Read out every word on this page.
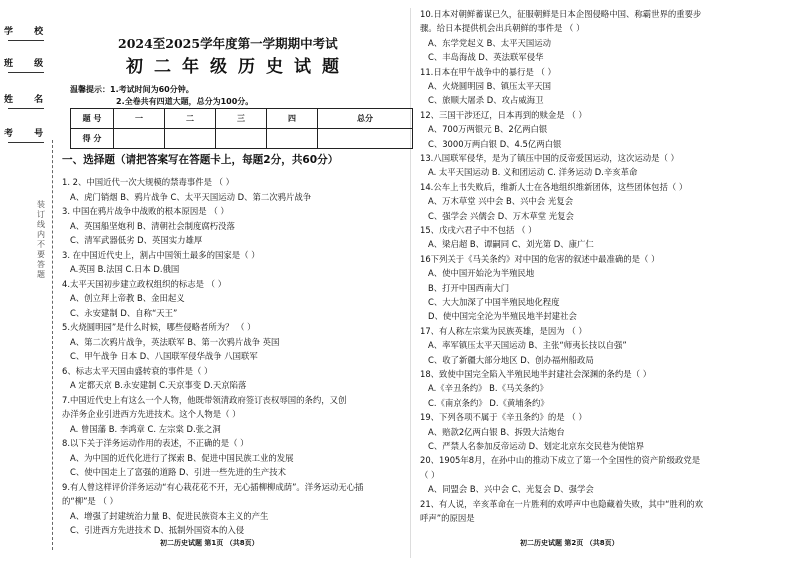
学 校
班 级
姓 名
考 号
装订线内不要答题
2024至2025学年度第一学期期中考试
初二年级历史试题
温馨提示：1.考试时间为60分钟。
2.全卷共有四道大题，总分为100分。
题 号	一	二	三	四	总分
得 分					
一、选择题（请把答案写在答题卡上，每题2分，共60分）
1. 2、中国近代一次大规模的禁毒事件是 （ ）
A、虎门销烟 B、鸦片战争 C、太平天国运动 D、第二次鸦片战争
3. 中国在鸦片战争中战败的根本原因是 （ ）
A、英国船坚炮利 B、清朝社会制度腐朽没落
C、清军武器低劣 D、英国实力雄厚
3. 在中国近代史上，割占中国领土最多的国家是（ ）
A.英国 B.法国 C.日本 D.俄国
4.太平天国初步建立政权组织的标志是 （ ）
A、创立拜上帝教 B、金田起义
C、永安建制 D、自称“天王”
5.火烧圆明园”是什么时候，哪些侵略者所为？ （ ）
A、第二次鸦片战争，英法联军 B、第一次鸦片战争 英国
C、甲午战争 日本 D、八国联军侵华战争 八国联军
6、标志太平天国由盛转衰的事件是（ ）
A 定都天京 B.永安建制 C.天京事变 D.天京陷落
7.中国近代史上有这么一个人物，他既带领清政府签订丧权辱国的条约，又创
办洋务企业引进西方先进技术。这个人物是（ ）
A. 曾国藩 B. 李鸿章 C. 左宗棠 D.张之洞
8.以下关于洋务运动作用的表述，不正确的是（ ）
A、为中国的近代化进行了探索 B、促进中国民族工业的发展
C、使中国走上了富强的道路 D、引进一些先进的生产技术
9.有人曾这样评价洋务运动“有心栽花花不开，无心插柳柳成荫”。洋务运动无心插
的“柳”是 （ ）
A、增强了封建统治力量 B、促进民族资本主义的产生
C、引进西方先进技术 D、抵制外国资本的入侵
10.日本对朝鲜蓄谋已久，征服朝鲜是日本企图侵略中国、称霸世界的重要步
骤。给日本提供机会出兵朝鲜的事件是 （ ）
A、东学党起义 B、太平天国运动
C、丰岛海战 D、英法联军侵华
11.日本在甲午战争中的暴行是 （ ）
A、火烧圆明园 B、镇压太平天国
C、旅顺大屠杀 D、攻占威海卫
12、三国干涉还辽，日本再到的赎金是 （ ）
A、700万两银元 B、2亿两白银
C、3000万两白银 D、4.5亿两白银
13.八国联军侵华，是为了镇压中国的反帝爱国运动，这次运动是（ ）
A. 太平天国运动 B. 义和团运动 C. 洋务运动 D.辛亥革命
14.公车上书失败后，维新人士在各地组织维新团体，这些团体包括（ ）
A、万木草堂 兴中会 B、兴中会 光复会
C、强学会 兴儒会 D、万木草堂 光复会
15、戊戌六君子中不包括 （ ）
A、梁启超 B、谭嗣同 C、刘光第 D、康广仁
16下列关于《马关条约》对中国的危害的叙述中最准确的是（ ）
A、使中国开始沦为半殖民地
B、打开中国西南大门
C、大大加深了中国半殖民地化程度
D、使中国完全沦为半殖民地半封建社会
17、有人称左宗棠为民族英雄，是因为 （ ）
A、率军镇压太平天国运动 B、主张“师夷长技以自强”
C、收了新疆大部分地区 D、创办福州船政局
18、致使中国完全陷入半殖民地半封建社会深渊的条约是（ ）
A.《辛丑条约》 B.《马关条约》
C.《南京条约》 D.《黄埔条约》
19、下列各项不属于《辛丑条约》的是 （ ）
A、赔款2亿两白银 B、拆毁大沽炮台
C、严禁人名参加反帝运动 D、划定北京东交民巷为使馆界
20、1905年8月，在孙中山的推动下成立了第一个全国性的资产阶级政党是
（ ）
A、同盟会 B、兴中会 C、光复会 D、强学会
21、有人说，辛亥革命在一片胜利的欢呼声中也隐藏着失败，其中“胜利的欢
呼声”的原因是
初二历史试题 第1页 （共8页）	初二历史试题 第2页 （共8页）
